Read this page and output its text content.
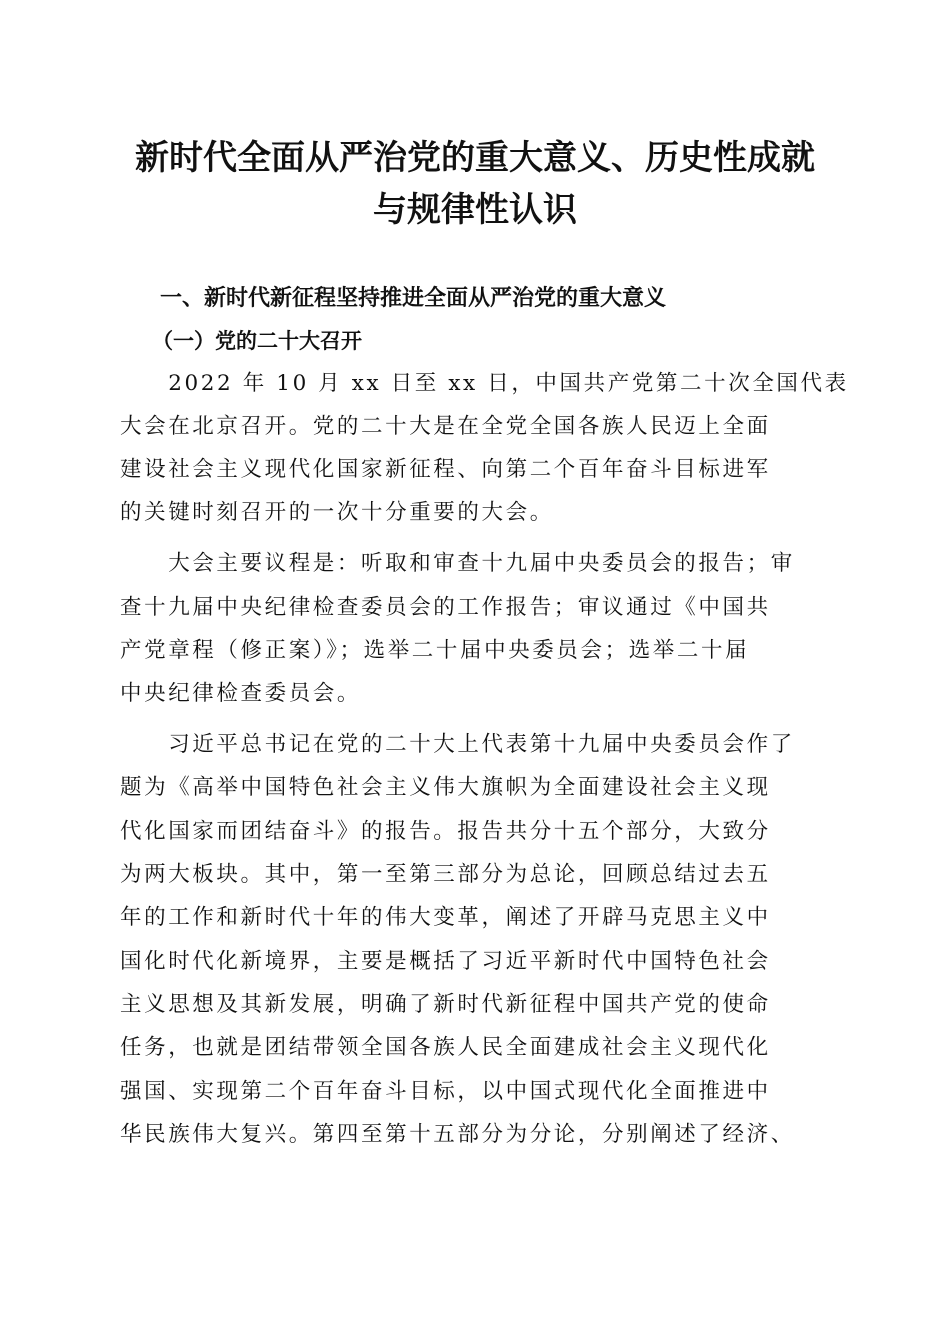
新时代全面从严治党的重大意义、历史性成就
与规律性认识
一、新时代新征程坚持推进全面从严治党的重大意义
（一）党的二十大召开

　　2022 年 10 月 xx 日至 xx 日，中国共产党第二十次全国代表

大会在北京召开。党的二十大是在全党全国各族人民迈上全面

建设社会主义现代化国家新征程、向第二个百年奋斗目标进军

的关键时刻召开的一次十分重要的大会。

　　大会主要议程是：听取和审查十九届中央委员会的报告；审

查十九届中央纪律检查委员会的工作报告；审议通过《中国共

产党章程（修正案）》；选举二十届中央委员会；选举二十届

中央纪律检查委员会。

　　习近平总书记在党的二十大上代表第十九届中央委员会作了

题为《高举中国特色社会主义伟大旗帜为全面建设社会主义现

代化国家而团结奋斗》的报告。报告共分十五个部分，大致分

为两大板块。其中，第一至第三部分为总论，回顾总结过去五

年的工作和新时代十年的伟大变革，阐述了开辟马克思主义中

国化时代化新境界，主要是概括了习近平新时代中国特色社会

主义思想及其新发展，明确了新时代新征程中国共产党的使命

任务，也就是团结带领全国各族人民全面建成社会主义现代化

强国、实现第二个百年奋斗目标，以中国式现代化全面推进中

华民族伟大复兴。第四至第十五部分为分论，分别阐述了经济、
